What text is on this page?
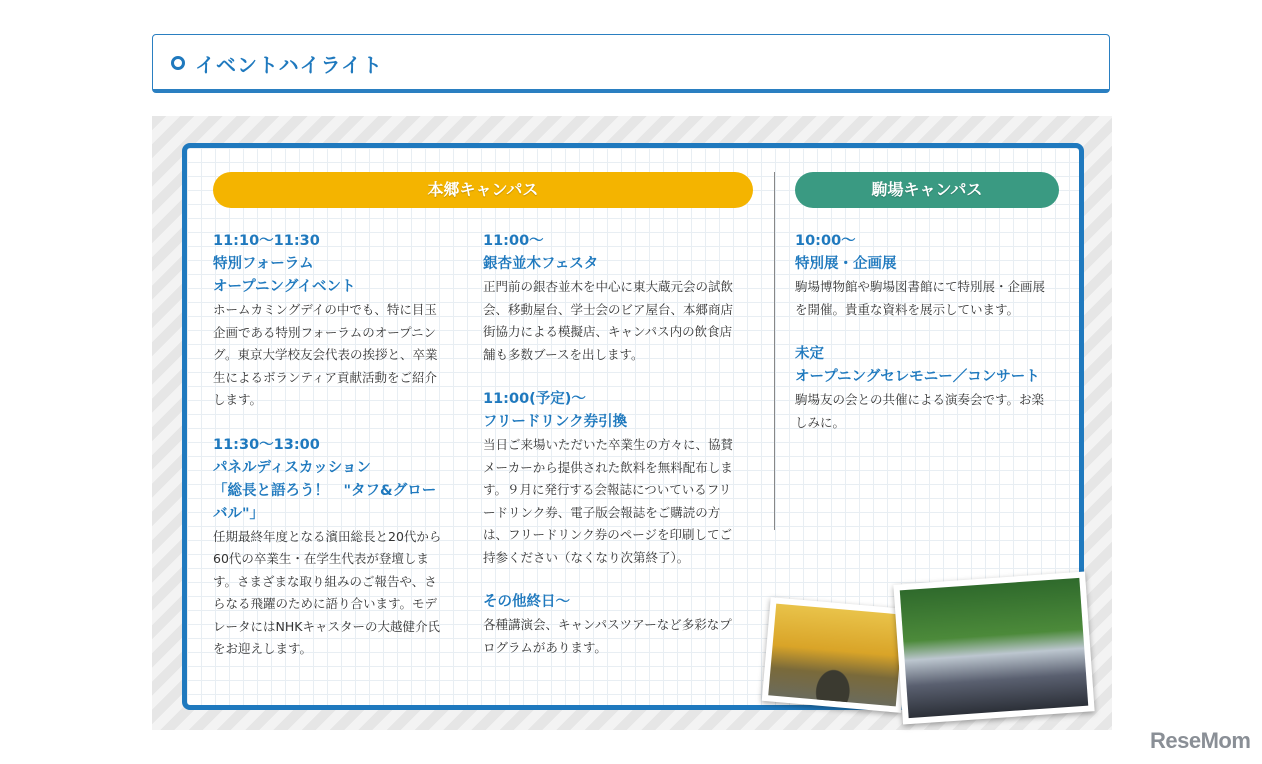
イベントハイライト
本郷キャンパス	駒場キャンパス
11:10〜11:30
特別フォーラム
オープニングイベント
ホームカミングデイの中でも、特に目玉企画である特別フォーラムのオープニング。東京大学校友会代表の挨拶と、卒業生によるボランティア貢献活動をご紹介します。
11:30〜13:00
パネルディスカッション
「総長と語ろう！　"タフ&グローバル"」
任期最終年度となる濱田総長と20代から60代の卒業生・在学生代表が登壇します。さまざまな取り組みのご報告や、さらなる飛躍のために語り合います。モデレータにはNHKキャスターの大越健介氏をお迎えします。
11:00〜
銀杏並木フェスタ
正門前の銀杏並木を中心に東大蔵元会の試飲会、移動屋台、学士会のビア屋台、本郷商店街協力による模擬店、キャンパス内の飲食店舗も多数ブースを出します。
11:00(予定)〜
フリードリンク券引換
当日ご来場いただいた卒業生の方々に、協賛メーカーから提供された飲料を無料配布します。９月に発行する会報誌についているフリードリンク券、電子版会報誌をご購読の方は、フリードリンク券のページを印刷してご持参ください（なくなり次第終了）。
その他終日〜
各種講演会、キャンパスツアーなど多彩なプログラムがあります。
10:00〜
特別展・企画展
駒場博物館や駒場図書館にて特別展・企画展を開催。貴重な資料を展示しています。
未定
オープニングセレモニー／コンサート
駒場友の会との共催による演奏会です。お楽しみに。
ReseMom
